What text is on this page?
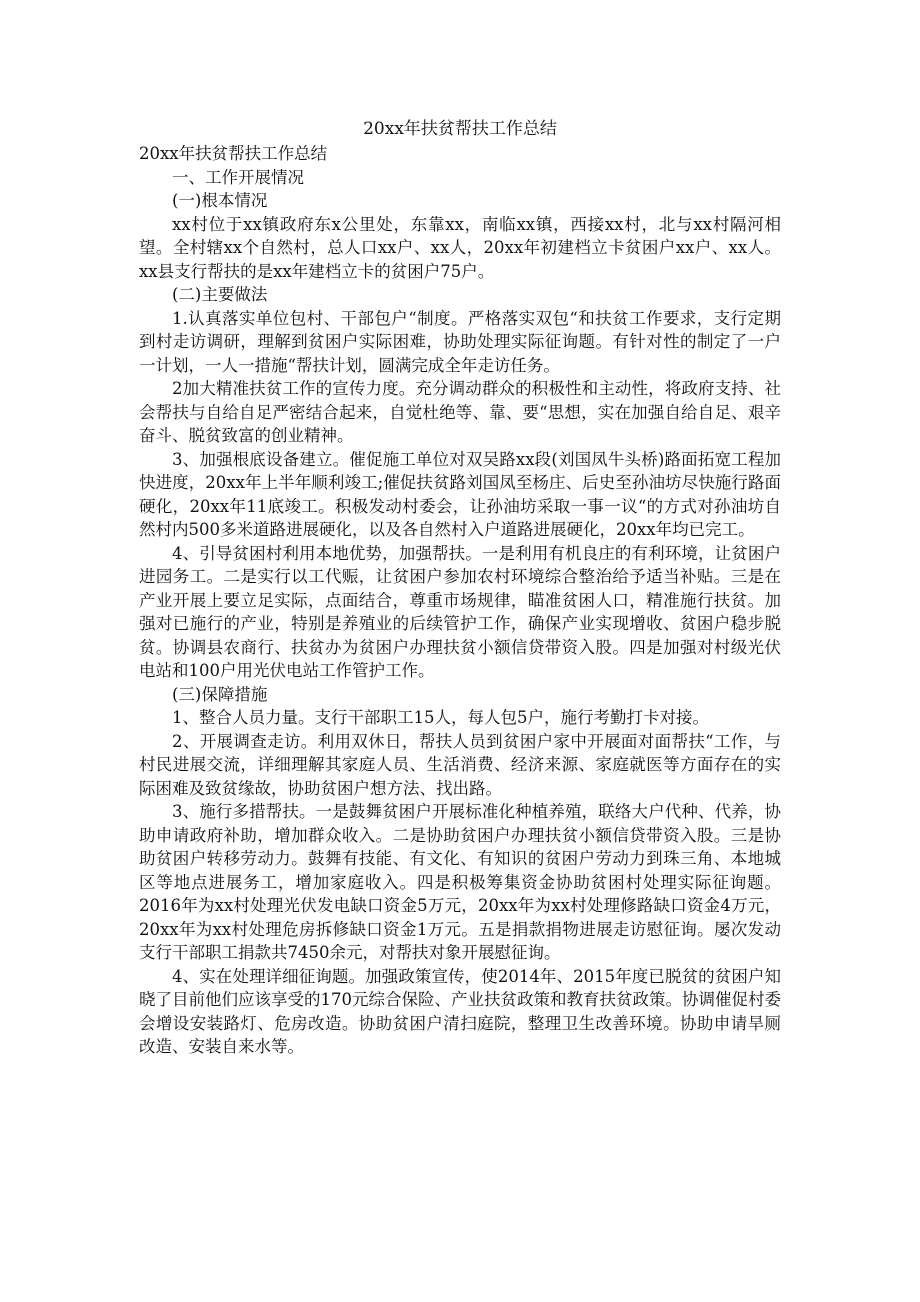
20xx年扶贫帮扶工作总结

20xx年扶贫帮扶工作总结

一、工作开展情况

(一)根本情况

xx村位于xx镇政府东x公里处，东靠xx，南临xx镇，西接xx村，北与xx村隔河相望。全村辖xx个自然村，总人口xx户、xx人，20xx年初建档立卡贫困户xx户、xx人。xx县支行帮扶的是xx年建档立卡的贫困户75户。

(二)主要做法

1.认真落实单位包村、干部包户“制度。严格落实双包“和扶贫工作要求，支行定期到村走访调研，理解到贫困户实际困难，协助处理实际征询题。有针对性的制定了一户一计划，一人一措施“帮扶计划，圆满完成全年走访任务。

2加大精准扶贫工作的宣传力度。充分调动群众的积极性和主动性，将政府支持、社会帮扶与自给自足严密结合起来，自觉杜绝等、靠、要“思想，实在加强自给自足、艰辛奋斗、脱贫致富的创业精神。

3、加强根底设备建立。催促施工单位对双吴路xx段(刘国凤牛头桥)路面拓宽工程加快进度，20xx年上半年顺利竣工;催促扶贫路刘国凤至杨庄、后史至孙油坊尽快施行路面硬化，20xx年11底竣工。积极发动村委会，让孙油坊采取一事一议“的方式对孙油坊自然村内500多米道路进展硬化，以及各自然村入户道路进展硬化，20xx年均已完工。

4、引导贫困村利用本地优势，加强帮扶。一是利用有机良庄的有利环境，让贫困户进园务工。二是实行以工代赈，让贫困户参加农村环境综合整治给予适当补贴。三是在产业开展上要立足实际，点面结合，尊重市场规律，瞄准贫困人口，精准施行扶贫。加强对已施行的产业，特别是养殖业的后续管护工作，确保产业实现增收、贫困户稳步脱贫。协调县农商行、扶贫办为贫困户办理扶贫小额信贷带资入股。四是加强对村级光伏电站和100户用光伏电站工作管护工作。

(三)保障措施

1、整合人员力量。支行干部职工15人，每人包5户，施行考勤打卡对接。

2、开展调查走访。利用双休日，帮扶人员到贫困户家中开展面对面帮扶“工作，与村民进展交流，详细理解其家庭人员、生活消费、经济来源、家庭就医等方面存在的实际困难及致贫缘故，协助贫困户想方法、找出路。

3、施行多措帮扶。一是鼓舞贫困户开展标准化种植养殖，联络大户代种、代养，协助申请政府补助，增加群众收入。二是协助贫困户办理扶贫小额信贷带资入股。三是协助贫困户转移劳动力。鼓舞有技能、有文化、有知识的贫困户劳动力到珠三角、本地城区等地点进展务工，增加家庭收入。四是积极筹集资金协助贫困村处理实际征询题。2016年为xx村处理光伏发电缺口资金5万元，20xx年为xx村处理修路缺口资金4万元，20xx年为xx村处理危房拆修缺口资金1万元。五是捐款捐物进展走访慰征询。屡次发动支行干部职工捐款共7450余元，对帮扶对象开展慰征询。

4、实在处理详细征询题。加强政策宣传，使2014年、2015年度已脱贫的贫困户知晓了目前他们应该享受的170元综合保险、产业扶贫政策和教育扶贫政策。协调催促村委会增设安装路灯、危房改造。协助贫困户清扫庭院，整理卫生改善环境。协助申请旱厕改造、安装自来水等。
